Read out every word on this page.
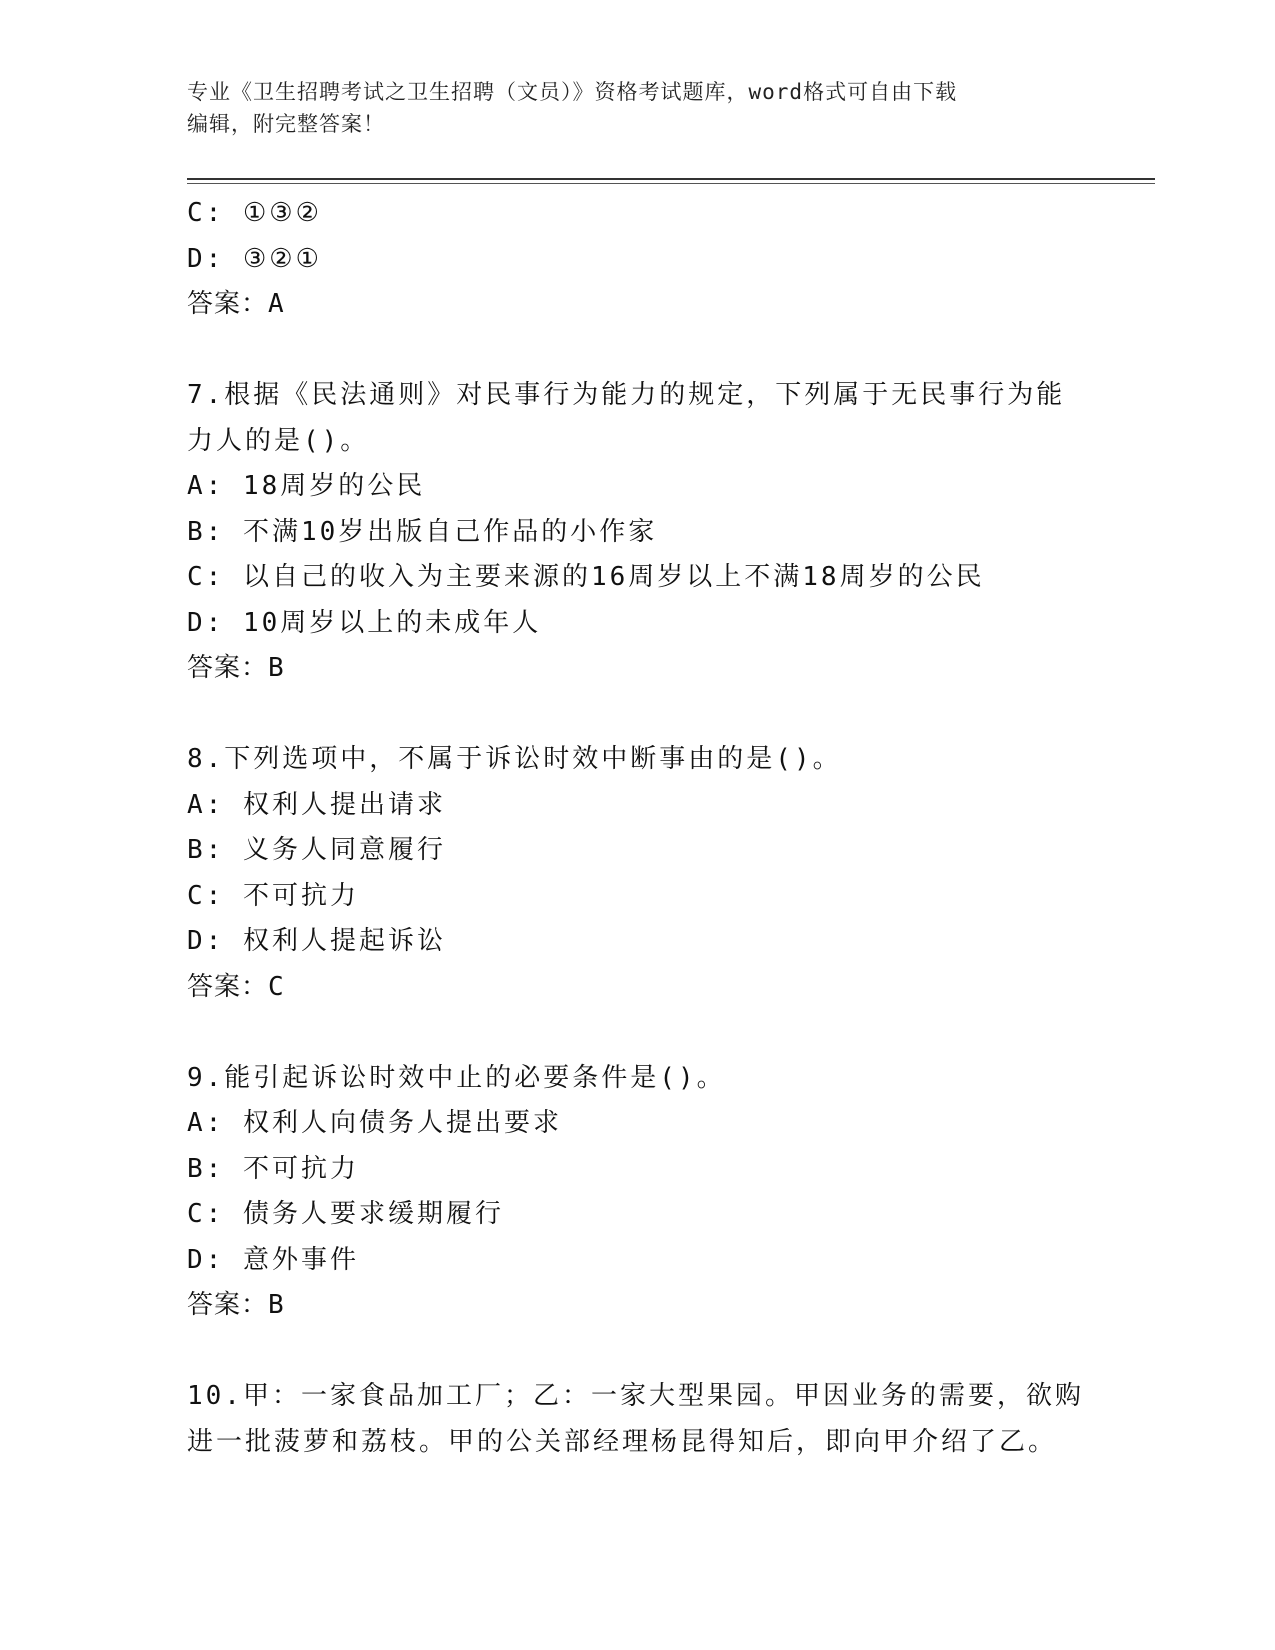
专业《卫生招聘考试之卫生招聘（文员）》资格考试题库，word格式可自由下载
编辑，附完整答案！
C: ①③②
D: ③②①
答案：A
7.根据《民法通则》对民事行为能力的规定，下列属于无民事行为能
力人的是()。
A: 18周岁的公民
B: 不满10岁出版自己作品的小作家
C: 以自己的收入为主要来源的16周岁以上不满18周岁的公民
D: 10周岁以上的未成年人
答案：B
8.下列选项中，不属于诉讼时效中断事由的是()。
A: 权利人提出请求
B: 义务人同意履行
C: 不可抗力
D: 权利人提起诉讼
答案：C
9.能引起诉讼时效中止的必要条件是()。
A: 权利人向债务人提出要求
B: 不可抗力
C: 债务人要求缓期履行
D: 意外事件
答案：B
10.甲：一家食品加工厂；乙：一家大型果园。甲因业务的需要，欲购
进一批菠萝和荔枝。甲的公关部经理杨昆得知后，即向甲介绍了乙。
